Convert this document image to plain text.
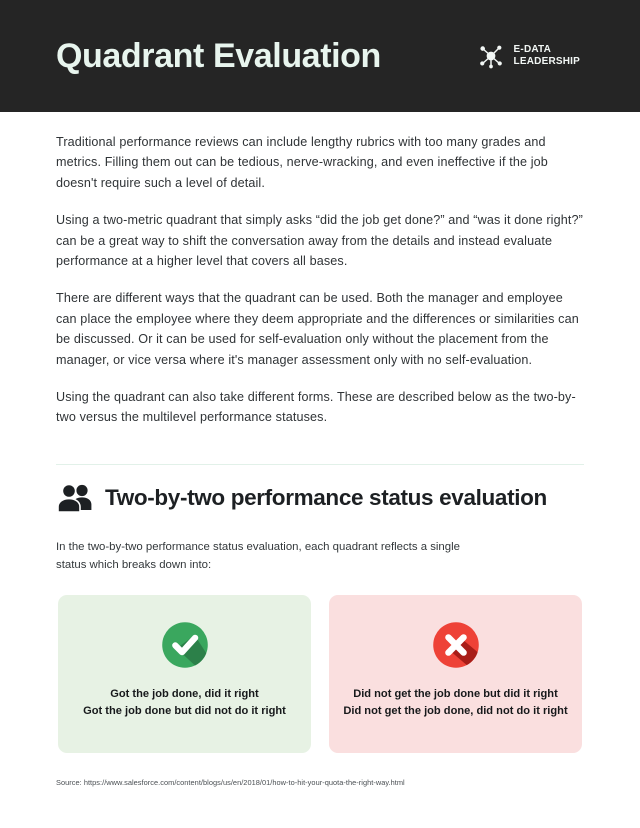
Quadrant Evaluation	E-DATA
LEADERSHIP

Traditional performance reviews can include lengthy rubrics with too many grades and metrics. Filling them out can be tedious, nerve-wracking, and even ineffective if the job doesn't require such a level of detail.

Using a two-metric quadrant that simply asks “did the job get done?” and “was it done right?” can be a great way to shift the conversation away from the details and instead evaluate performance at a higher level that covers all bases.

There are different ways that the quadrant can be used. Both the manager and employee can place the employee where they deem appropriate and the differences or similarities can be discussed. Or it can be used for self-evaluation only without the placement from the manager, or vice versa where it's manager assessment only with no self-evaluation.

Using the quadrant can also take different forms. These are described below as the two-by-two versus the multilevel performance statuses.

Two-by-two performance status evaluation
In the two-by-two performance status evaluation, each quadrant reflects a single status which breaks down into:
Got the job done, did it right
Got the job done but did not do it right
Did not get the job done but did it right
Did not get the job done, did not do it right
Source: https://www.salesforce.com/content/blogs/us/en/2018/01/how-to-hit-your-quota-the-right-way.html
